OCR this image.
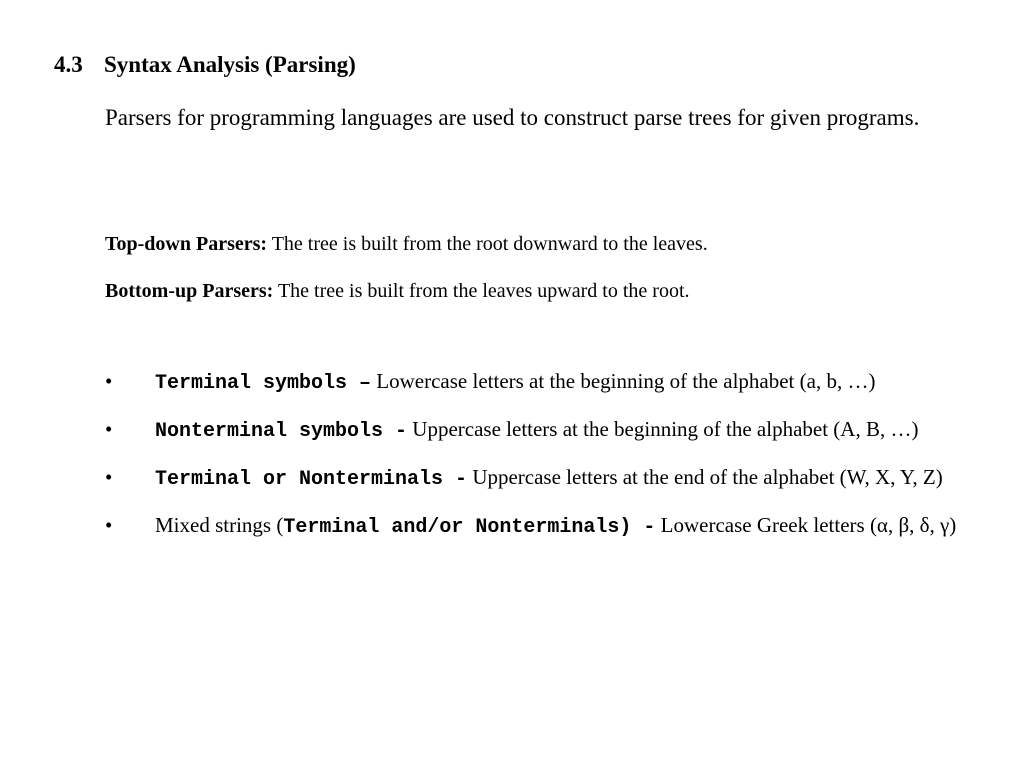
4.3 Syntax Analysis (Parsing)
Parsers for programming languages are used to construct parse trees for given programs.
Top-down Parsers: The tree is built from the root downward to the leaves.
Bottom-up Parsers: The tree is built from the leaves upward to the root.
•	Terminal symbols – Lowercase letters at the beginning of the alphabet (a, b, …)
•	Nonterminal symbols - Uppercase letters at the beginning of the alphabet (A, B, …)
•	Terminal or Nonterminals - Uppercase letters at the end of the alphabet (W, X, Y, Z)
•	Mixed strings (Terminal and/or Nonterminals) - Lowercase Greek letters (α, β, δ, γ)
